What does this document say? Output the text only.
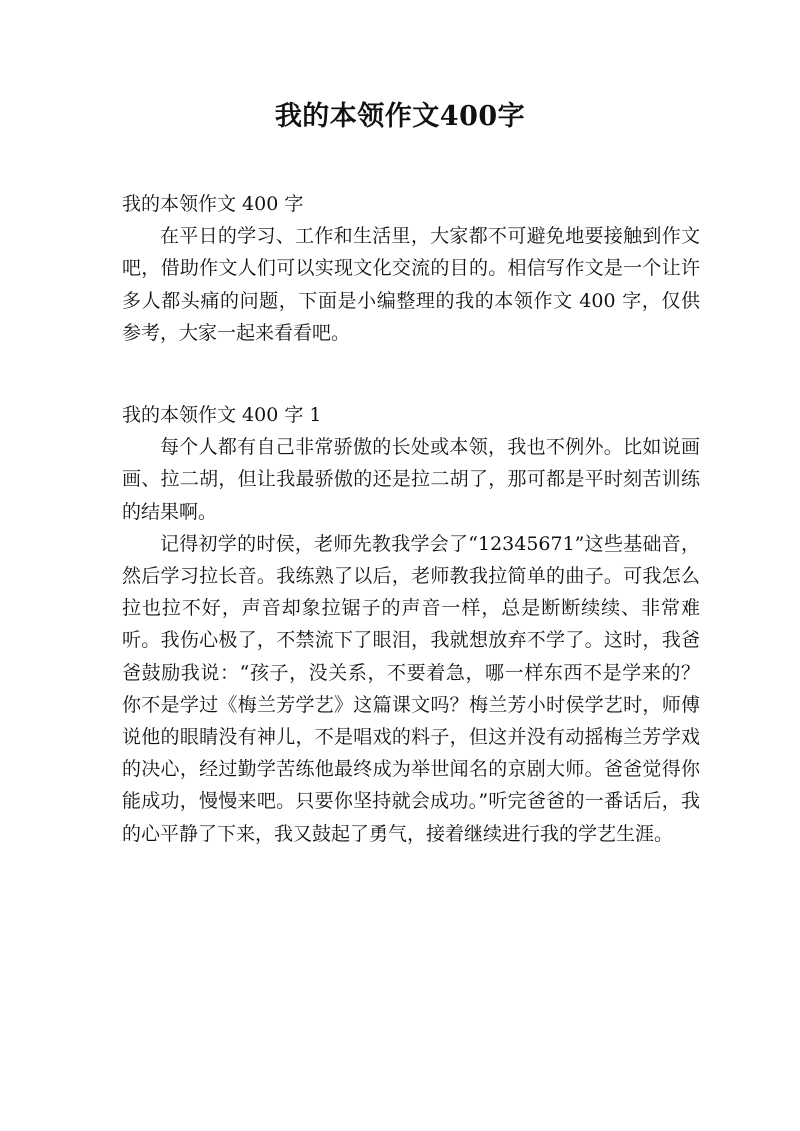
我的本领作文400字

我的本领作文 400 字

在平日的学习、工作和生活里，大家都不可避免地要接触到作文吧，借助作文人们可以实现文化交流的目的。相信写作文是一个让许多人都头痛的问题，下面是小编整理的我的本领作文 400 字，仅供参考，大家一起来看看吧。

我的本领作文 400 字 1

每个人都有自己非常骄傲的长处或本领，我也不例外。比如说画画、拉二胡，但让我最骄傲的还是拉二胡了，那可都是平时刻苦训练的结果啊。

记得初学的时侯，老师先教我学会了“12345671”这些基础音，然后学习拉长音。我练熟了以后，老师教我拉简单的曲子。可我怎么拉也拉不好，声音却象拉锯子的声音一样，总是断断续续、非常难听。我伤心极了，不禁流下了眼泪，我就想放弃不学了。这时，我爸爸鼓励我说：“孩子，没关系，不要着急，哪一样东西不是学来的？你不是学过《梅兰芳学艺》这篇课文吗？梅兰芳小时侯学艺时，师傅说他的眼睛没有神儿，不是唱戏的料子，但这并没有动摇梅兰芳学戏的决心，经过勤学苦练他最终成为举世闻名的京剧大师。爸爸觉得你能成功，慢慢来吧。只要你坚持就会成功。”听完爸爸的一番话后，我的心平静了下来，我又鼓起了勇气，接着继续进行我的学艺生涯。
